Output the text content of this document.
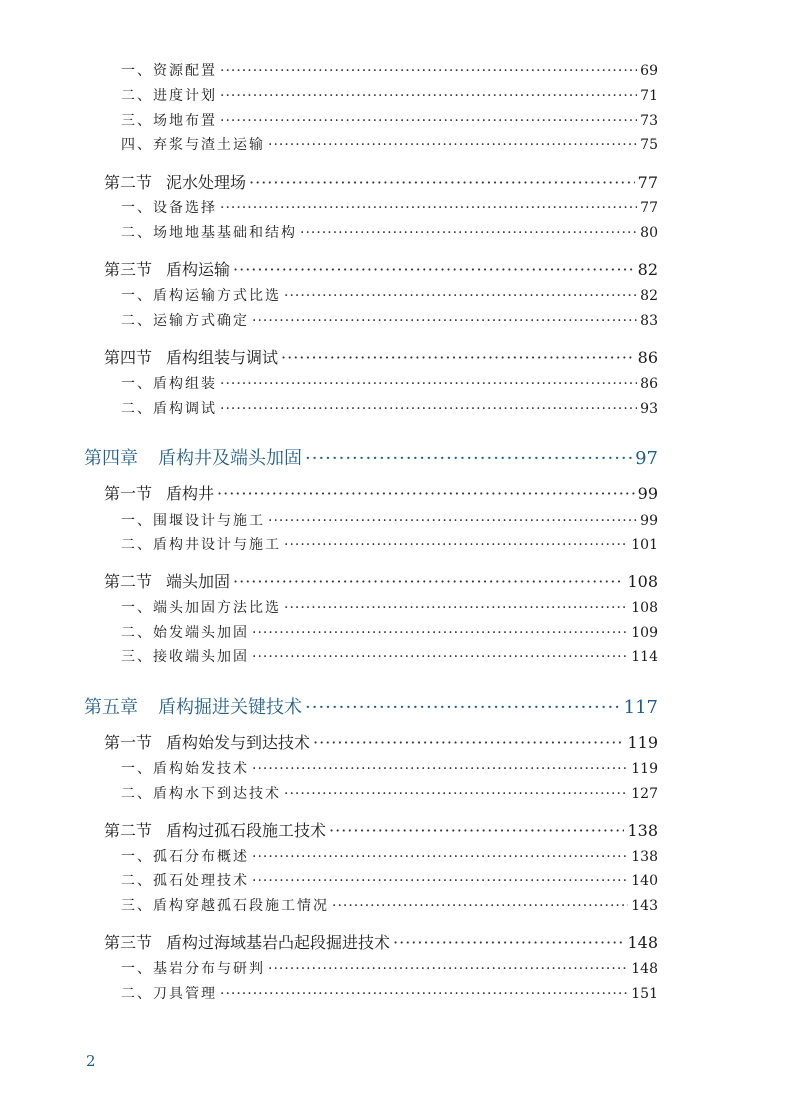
一、资源配置 ·····	69
二、进度计划 ·····	71
三、场地布置 ·····	73
四、弃浆与渣土运输 ·····	75
第二节 泥水处理场 ·····	77
一、设备选择 ·····	77
二、场地地基基础和结构 ·····	80
第三节 盾构运输 ·····	82
一、盾构运输方式比选 ·····	82
二、运输方式确定 ·····	83
第四节 盾构组装与调试 ·····	86
一、盾构组装 ·····	86
二、盾构调试 ·····	93
第四章 盾构井及端头加固 ·····	97
第一节 盾构井 ·····	99
一、围堰设计与施工 ·····	99
二、盾构井设计与施工 ·····	101
第二节 端头加固 ·····	108
一、端头加固方法比选 ·····	108
二、始发端头加固 ·····	109
三、接收端头加固 ·····	114
第五章 盾构掘进关键技术 ·····	117
第一节 盾构始发与到达技术 ·····	119
一、盾构始发技术 ·····	119
二、盾构水下到达技术 ·····	127
第二节 盾构过孤石段施工技术 ·····	138
一、孤石分布概述 ·····	138
二、孤石处理技术 ·····	140
三、盾构穿越孤石段施工情况 ·····	143
第三节 盾构过海域基岩凸起段掘进技术 ·····	148
一、基岩分布与研判 ·····	148
二、刀具管理 ·····	151
2
